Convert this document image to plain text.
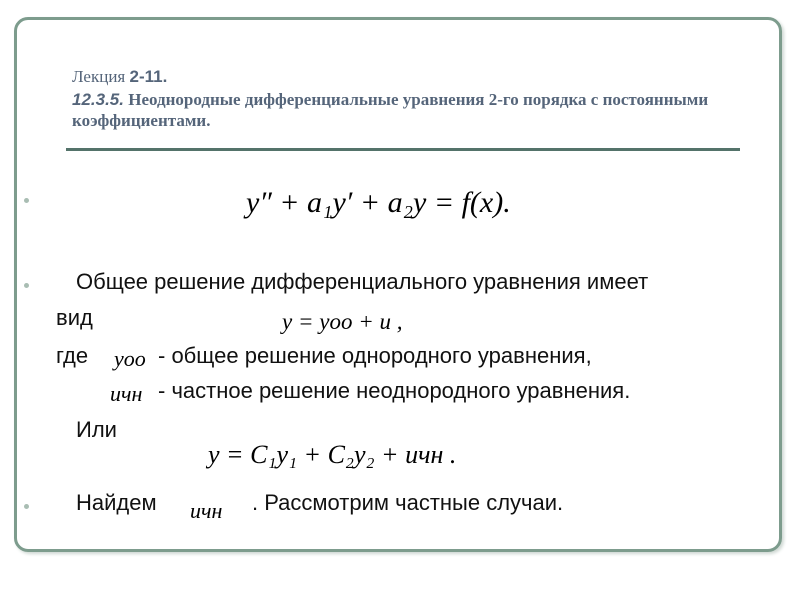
Лекция 2-11.
12.3.5. Неоднородные дифференциальные уравнения 2-го порядка с постоянными коэффициентами.
y″ + a₁y′ + a₂y = f(x).
Общее решение дифференциального уравнения имеет
вид	y = yоо + u ,
где yоо - общее решение однородного уравнения,
uчн - частное решение неоднородного уравнения.
Или
y = C₁y₁ + C₂y₂ + uчн .
Найдем uчн . Рассмотрим частные случаи.
